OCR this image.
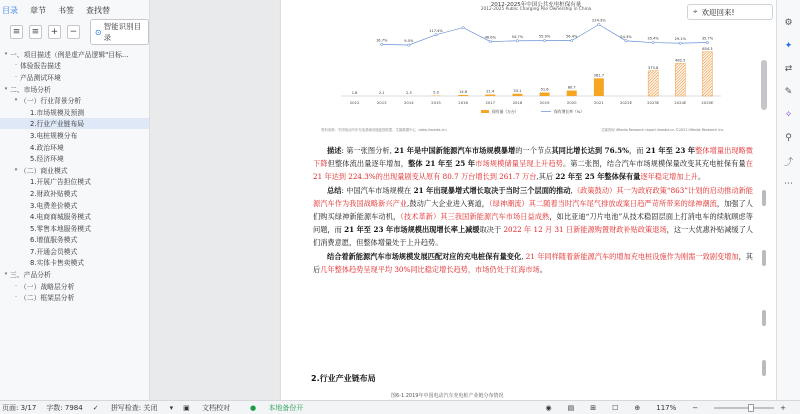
目录 章节 书签 查找替
≡	≡	+	−	⊙
智能识别目录
▾ 一、项目描述（例是虚产品逻辑"目标...
- 体验报告描述
- 产品测试环境
▾ 二、市场分析
▾ （一）行业背景分析
1.市场规模及预测
2.行业产业链布局
3.电桩规模分布
4.政治环境
5.经济环境
▾ （二）商业模式
1.开展广告担位模式
2.财政补贴模式
3.电费差价模式
4.电商商城服务模式
5.零售本地服务模式
6.增值服务模式
7.开通会员模式
8.实体卡售卖模式
▾ 三、产品分析
- （一）战略层分析
- （二）框架层分析
2012-2025年中国公共充电桩保有量
2012-2025 Public Charging Pile Ownership in China
1.8
2012
2.1
2013
2.3
2014
5.0
2015
14.6
2016
21.4
2017
33.1
2018
51.6
2019
80.7
2020
261.7
2021	2022E
373.8
2023E
482.5
2024E
654.3
2025E
16.7%	9.5%
117.4%
46.6%	54.7%	55.9%	56.4%
224.3%
54.3%	35.4%	29.1%	35.7%
保有量（万台）	保有增长率（%）
资料来源：中国电动汽车充电基础设施促进联盟、艾媒数据中心（data.iimedia.cn）	艾媒咨询 iiMedia Research report.iimedia.cn ©2022 iiMedia Research Inc.

描述: 第一张图分析, 21 年是中国新能源汽车市场规模暴增的一个节点其同比增长达到 76.5%，而 21 年至 23 年整体增量出现略微下降但整体流出量逐年增加，整体 21 年至 25 年市场规模储量呈现上升趋势。第二张图，结合汽车市场规模保量改变其充电桩保有量在 21 年达到 224.3%的出现量剧变从原有 80.7 万台增长到 261.7 万台,其后 22 年至 25 年整体保有量逐年稳定增加上升。

总结: 中国汽车市场规模在 21 年出现暴增式增长取决于当时三个层面的推动,（政策鼓动）其一为政府政策“863”计划的启动推动新能源汽车作为我国战略新兴产业,鼓动广大企业进入赛道，（绿神潮流）其二随着当时汽车尾气排放或案日趋严苛所带来的绿神潮流，加强了人们购买绿神新能源车动机，（技术革新）其三我国新能源汽车市场日益成熟，如比亚迪“刀片电池”从技术稳固层面上打消电车的续航顾虑等问题，而 21 年至 23 年市场规模出现增长率上减缓取决于 2022 年 12 月 31 日新能源购置财政补贴政策退场，这一大优惠补贴减缓了人们消费意愿，但整体增量处于上升趋势。

结合着新能源汽车市场规模发展匹配对应的充电桩保有量变化, 21 年同样随着新能源汽车的增加充电桩设施作为刚需一致剧变增加，其后几年整体趋势呈现平均 30%同比稳定增长趋势，市场仍处于红海市场。

2.行业产业链布局
图6-1 2019年中国电动汽车充电桩产业链分布情况
⌖ 欢迎回来!
⚙
✦
⇄
✎
✧
⚲
⤴
⋯
页面: 3/17 字数: 7984 ✓ 拼写检查: 关闭 ▾ ▣ 文档校对	● 本地备份开	◉ ▤ ⊞ ☐ ⊕ 117% −	+
